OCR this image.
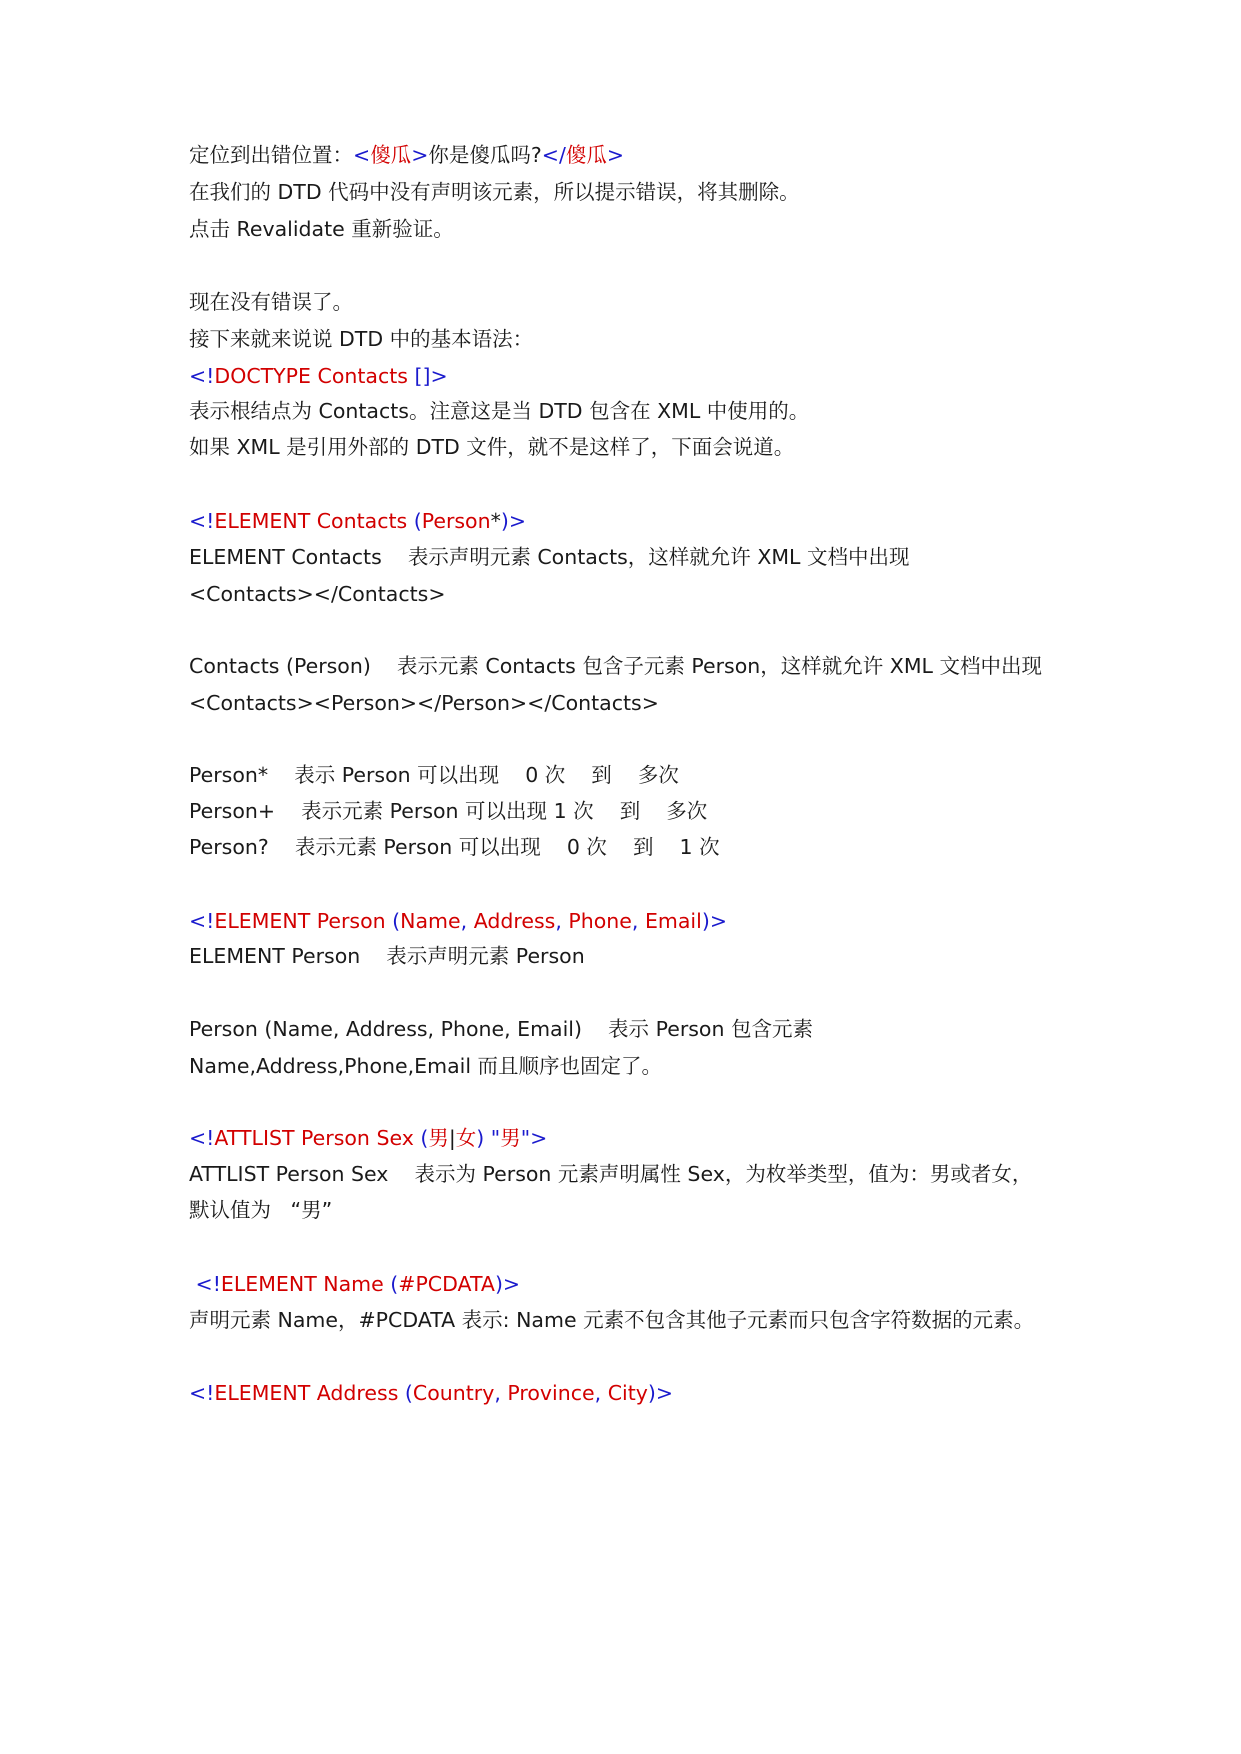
定位到出错位置：<傻瓜>你是傻瓜吗?</傻瓜>
在我们的 DTD 代码中没有声明该元素，所以提示错误，将其删除。
点击 Revalidate 重新验证。
现在没有错误了。
接下来就来说说 DTD 中的基本语法：
<!DOCTYPE Contacts []>
表示根结点为 Contacts。注意这是当 DTD 包含在 XML 中使用的。
如果 XML 是引用外部的 DTD 文件，就不是这样了，下面会说道。
<!ELEMENT Contacts (Person*)>
ELEMENT Contacts    表示声明元素 Contacts，这样就允许 XML 文档中出现
<Contacts></Contacts>
Contacts (Person)    表示元素 Contacts 包含子元素 Person，这样就允许 XML 文档中出现
<Contacts><Person></Person></Contacts>
Person*    表示 Person 可以出现    0 次    到    多次
Person+    表示元素 Person 可以出现 1 次    到    多次
Person?    表示元素 Person 可以出现    0 次    到    1 次
<!ELEMENT Person (Name, Address, Phone, Email)>
ELEMENT Person    表示声明元素 Person
Person (Name, Address, Phone, Email)    表示 Person 包含元素
Name,Address,Phone,Email 而且顺序也固定了。
<!ATTLIST Person Sex (男|女) "男">
ATTLIST Person Sex    表示为 Person 元素声明属性 Sex，为枚举类型，值为：男或者女，
默认值为   “男”
<!ELEMENT Name (#PCDATA)>
声明元素 Name，#PCDATA 表示: Name 元素不包含其他子元素而只包含字符数据的元素。
<!ELEMENT Address (Country, Province, City)>
